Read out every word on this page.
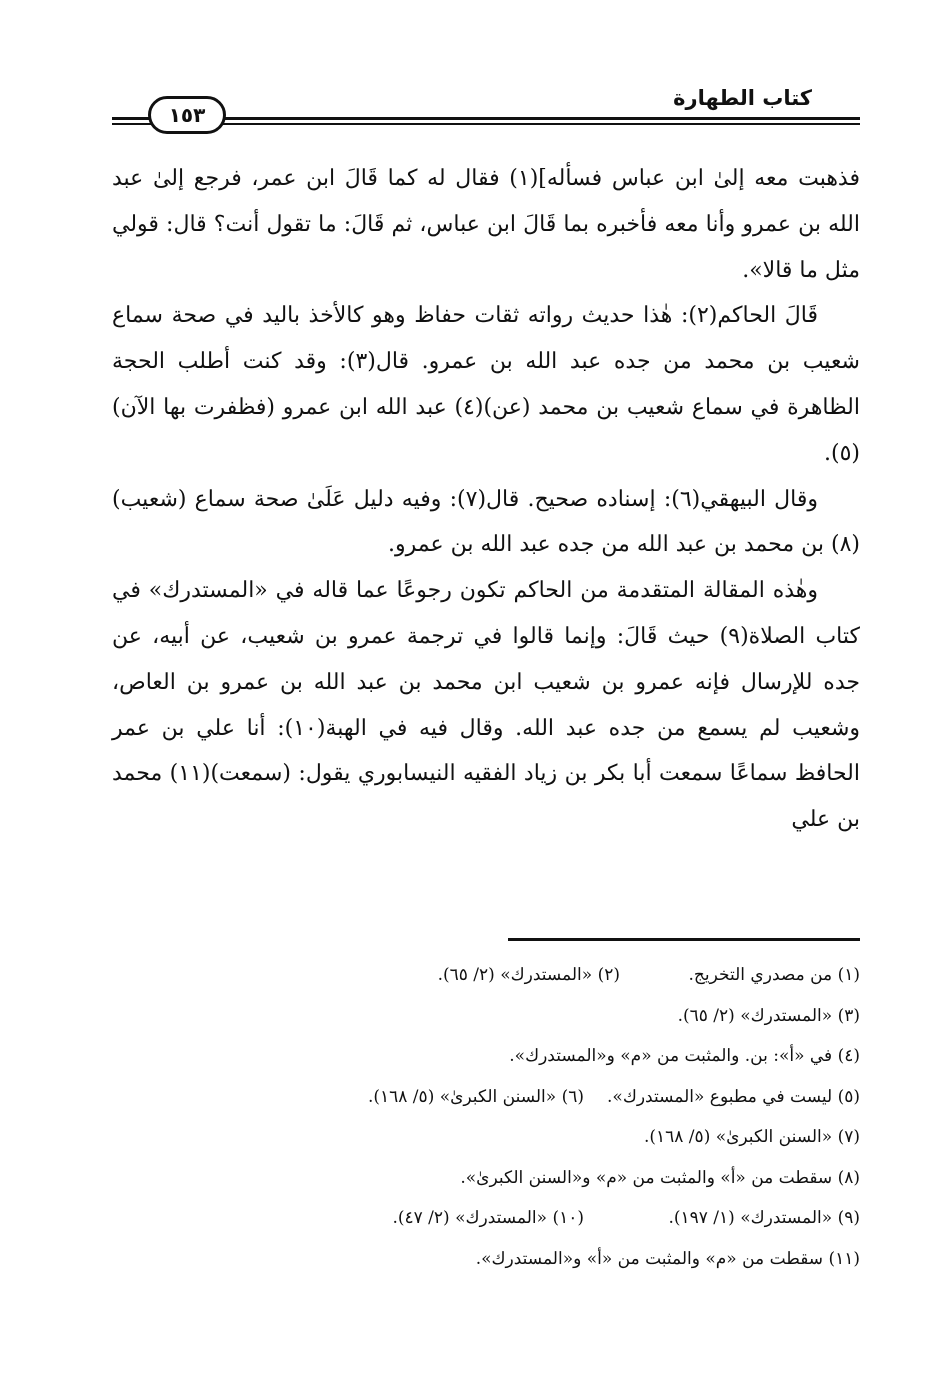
كتاب الطهارة
١٥٣

فذهبت معه إلىٰ ابن عباس فسأله](١) فقال له كما قَالَ ابن عمر، فرجع إلىٰ عبد الله بن عمرو وأنا معه فأخبره بما قَالَ ابن عباس، ثم قَالَ: ما تقول أنت؟ قال: قولي مثل ما قالا».

قَالَ الحاكم(٢): هٰذا حديث رواته ثقات حفاظ وهو كالأخذ باليد في صحة سماع شعيب بن محمد من جده عبد الله بن عمرو. قال(٣): وقد كنت أطلب الحجة الظاهرة في سماع شعيب بن محمد (عن)(٤) عبد الله ابن عمرو (فظفرت بها الآن)(٥).

وقال البيهقي(٦): إسناده صحيح. قال(٧): وفيه دليل عَلَىٰ صحة سماع (شعيب)(٨) بن محمد بن عبد الله من جده عبد الله بن عمرو.

وهٰذه المقالة المتقدمة من الحاكم تكون رجوعًا عما قاله في «المستدرك» في كتاب الصلاة(٩) حيث قَالَ: وإنما قالوا في ترجمة عمرو بن شعيب، عن أبيه، عن جده للإرسال فإنه عمرو بن شعيب ابن محمد بن عبد الله بن عمرو بن العاص، وشعيب لم يسمع من جده عبد الله. وقال فيه في الهبة(١٠): أنا علي بن عمر الحافظ سماعًا سمعت أبا بكر بن زياد الفقيه النيسابوري يقول: (سمعت)(١١) محمد بن علي

(١) من مصدري التخريج.
(٢) «المستدرك» (٢/ ٦٥).
(٣) «المستدرك» (٢/ ٦٥).
(٤) في «أ»: بن. والمثبت من «م» و«المستدرك».
(٥) ليست في مطبوع «المستدرك».
(٦) «السنن الكبرىٰ» (٥/ ١٦٨).
(٧) «السنن الكبرىٰ» (٥/ ١٦٨).
(٨) سقطت من «أ» والمثبت من «م» و«السنن الكبرىٰ».
(٩) «المستدرك» (١/ ١٩٧).
(١٠) «المستدرك» (٢/ ٤٧).
(١١) سقطت من «م» والمثبت من «أ» و«المستدرك».
